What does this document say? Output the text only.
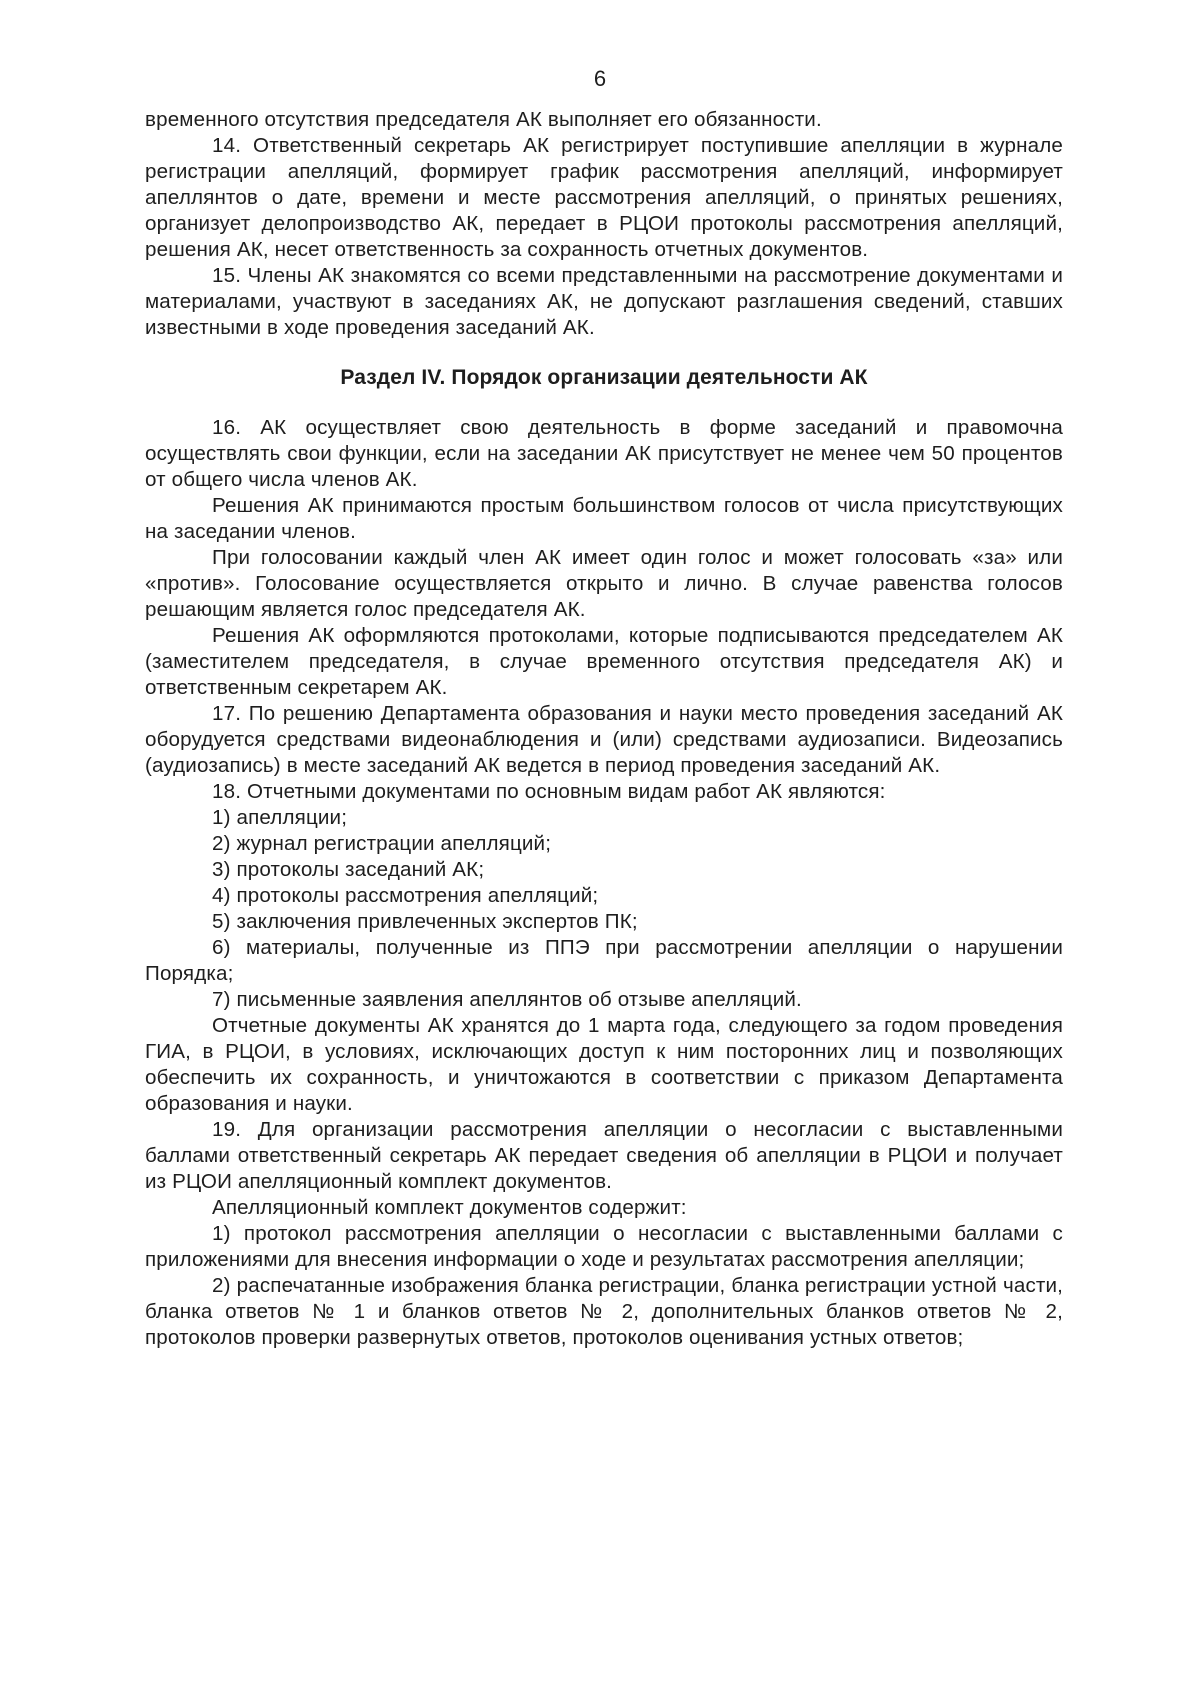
6

временного отсутствия председателя АК выполняет его обязанности.

14. Ответственный секретарь АК регистрирует поступившие апелляции в журнале регистрации апелляций, формирует график рассмотрения апелляций, информирует апеллянтов о дате, времени и месте рассмотрения апелляций, о принятых решениях, организует делопроизводство АК, передает в РЦОИ протоколы рассмотрения апелляций, решения АК, несет ответственность за сохранность отчетных документов.

15. Члены АК знакомятся со всеми представленными на рассмотрение документами и материалами, участвуют в заседаниях АК, не допускают разглашения сведений, ставших известными в ходе проведения заседаний АК.

Раздел IV. Порядок организации деятельности АК

16. АК осуществляет свою деятельность в форме заседаний и правомочна осуществлять свои функции, если на заседании АК присутствует не менее чем 50 процентов от общего числа членов АК.

Решения АК принимаются простым большинством голосов от числа присутствующих на заседании членов.

При голосовании каждый член АК имеет один голос и может голосовать «за» или «против». Голосование осуществляется открыто и лично. В случае равенства голосов решающим является голос председателя АК.

Решения АК оформляются протоколами, которые подписываются председателем АК (заместителем председателя, в случае временного отсутствия председателя АК) и ответственным секретарем АК.

17. По решению Департамента образования и науки место проведения заседаний АК оборудуется средствами видеонаблюдения и (или) средствами аудиозаписи. Видеозапись (аудиозапись) в месте заседаний АК ведется в период проведения заседаний АК.

18. Отчетными документами по основным видам работ АК являются:

1) апелляции;

2) журнал регистрации апелляций;

3) протоколы заседаний АК;

4) протоколы рассмотрения апелляций;

5) заключения привлеченных экспертов ПК;

6) материалы, полученные из ППЭ при рассмотрении апелляции о нарушении Порядка;

7) письменные заявления апеллянтов об отзыве апелляций.

Отчетные документы АК хранятся до 1 марта года, следующего за годом проведения ГИА, в РЦОИ, в условиях, исключающих доступ к ним посторонних лиц и позволяющих обеспечить их сохранность, и уничтожаются в соответствии с приказом Департамента образования и науки.

19. Для организации рассмотрения апелляции о несогласии с выставленными баллами ответственный секретарь АК передает сведения об апелляции в РЦОИ и получает из РЦОИ апелляционный комплект документов.

Апелляционный комплект документов содержит:

1) протокол рассмотрения апелляции о несогласии с выставленными баллами с приложениями для внесения информации о ходе и результатах рассмотрения апелляции;

2) распечатанные изображения бланка регистрации, бланка регистрации устной части, бланка ответов № 1 и бланков ответов № 2, дополнительных бланков ответов № 2, протоколов проверки развернутых ответов, протоколов оценивания устных ответов;
